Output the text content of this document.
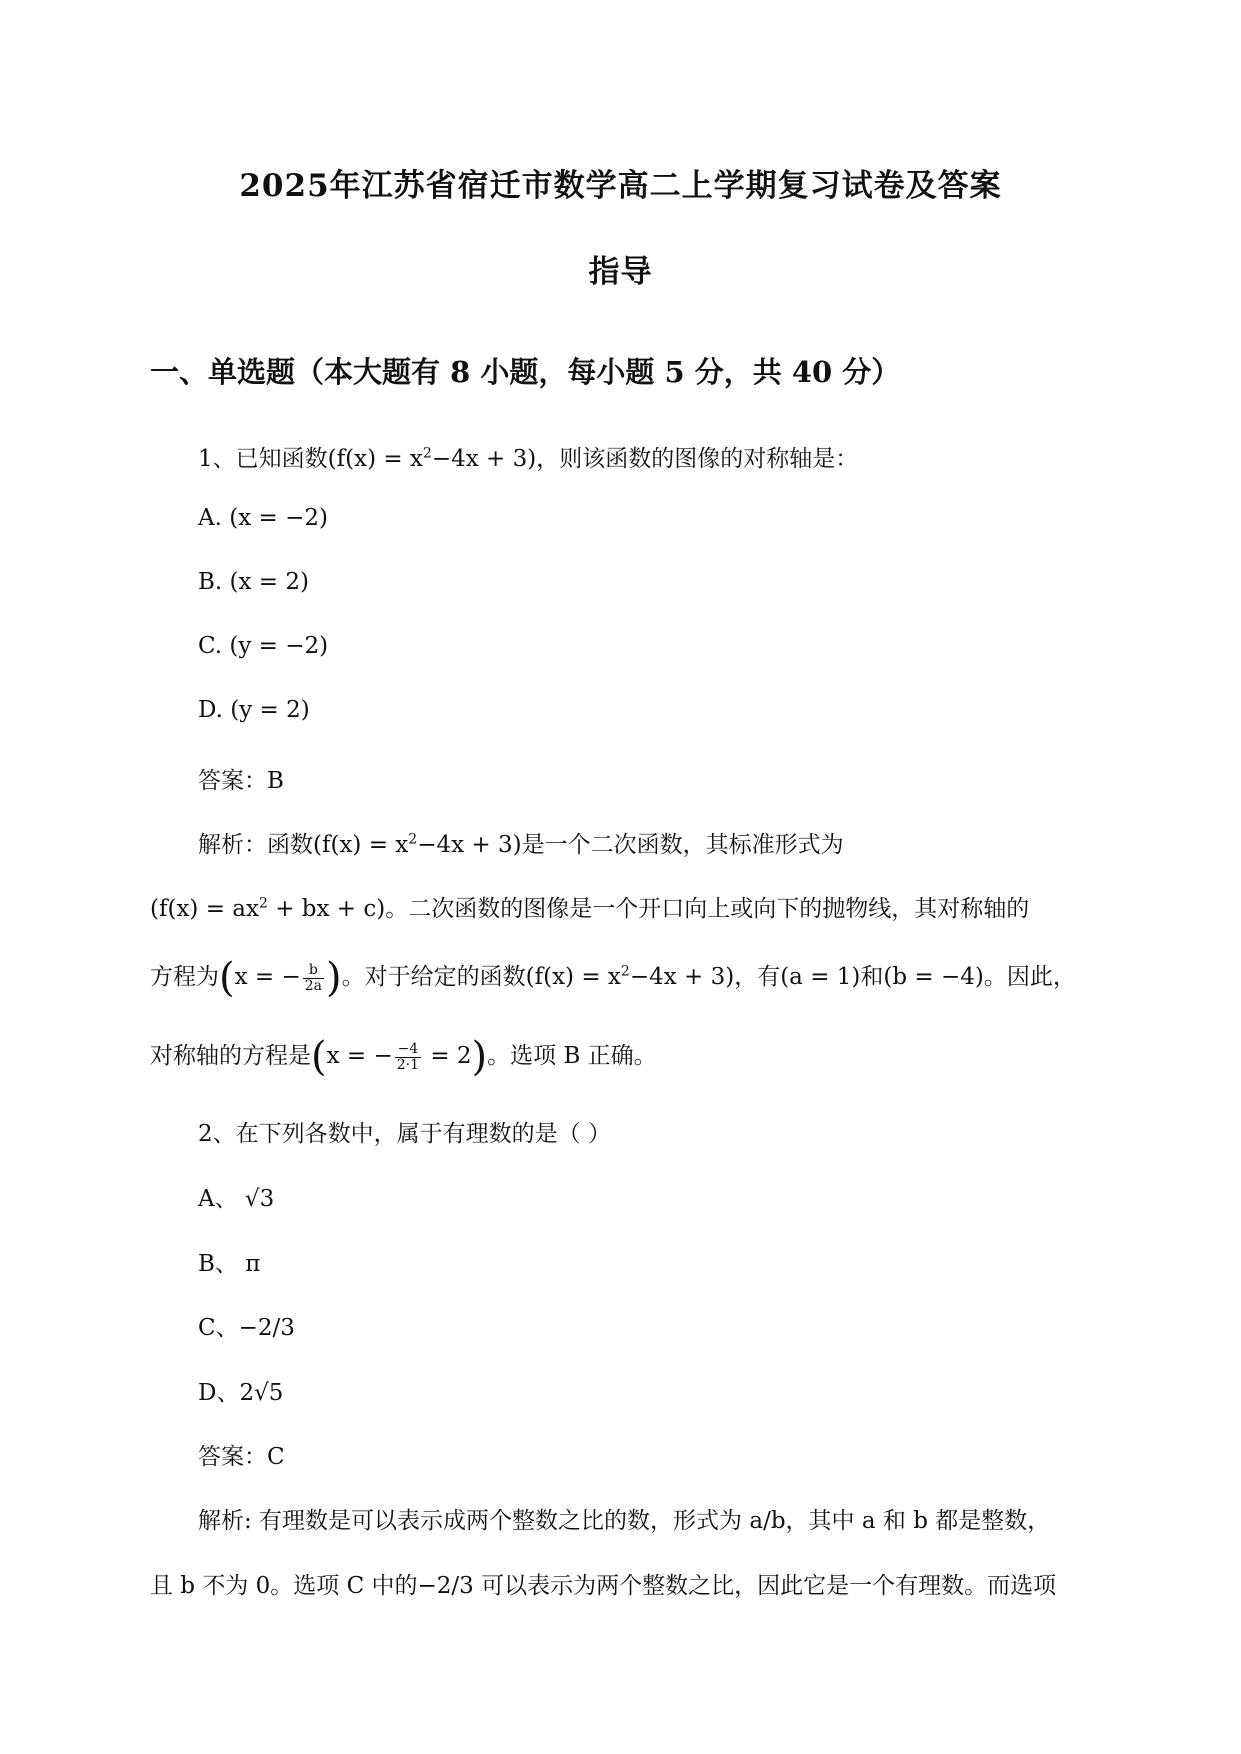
2025年江苏省宿迁市数学高二上学期复习试卷及答案
指导
一、单选题（本大题有 8 小题，每小题 5 分，共 40 分）
1、已知函数$(f(x) = x^2-4x + 3)$，则该函数的图像的对称轴是：
A. (x = −2)
B. (x = 2)
C. (y = −2)
D. (y = 2)
答案：B
解析：函数$(f(x) = x^2-4x + 3)$是一个二次函数，其标准形式为
($f(x) = ax^2$ + bx + c)。二次函数的图像是一个开口向上或向下的抛物线，其对称轴的
方程为(x = − $\frac{b}{2a}$ )。对于给定的函数$(f(x) = x^2-4x + 3)$，有(a = 1)和(b = −4)。因此，
对称轴的方程是(x = − $\frac{-4}{2\cdot 1} = 2$)。选项 B 正确。
2、在下列各数中，属于有理数的是（ ）
A、 √3
B、 π
C、−2/3
D、2√5
答案：C
解析: 有理数是可以表示成两个整数之比的数，形式为 a/b，其中 a 和 b 都是整数，
且 b 不为 0。选项 C 中的−2/3 可以表示为两个整数之比，因此它是一个有理数。而选项
